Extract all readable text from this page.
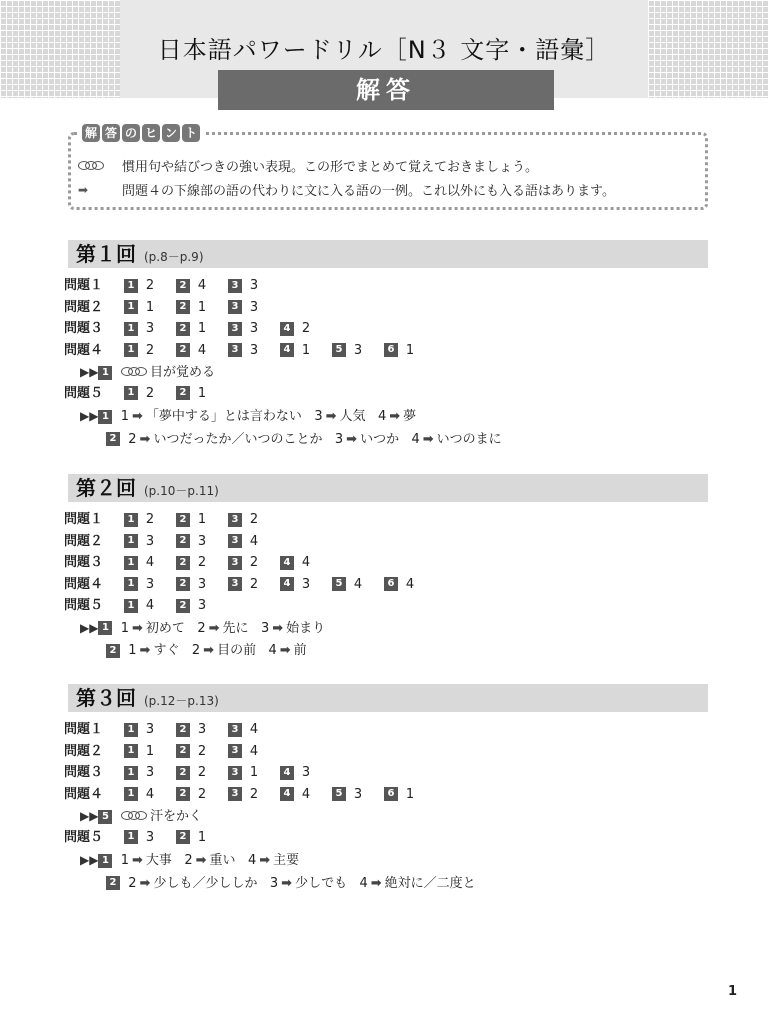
日本語パワードリル［N３ 文字・語彙］
解答
解 答 の ヒ ン ト
慣用句や結びつきの強い表現。この形でまとめて覚えておきましょう。
➡	問題４の下線部の語の代わりに文に入る語の一例。これ以外にも入る語はあります。
第１回 (p.8－p.9)
問題１ 1 2	2 4	3 3
問題２ 1 1	2 1	3 3
問題３ 1 3	2 1	3 3	4 2
問題４ 1 2	2 4	3 3	4 1	5 3	6 1
▶▶1	目が覚める
問題５ 1 2	2 1
▶▶1 1 ➡ 「夢中する」とは言わない 3 ➡ 人気 4 ➡ 夢
2 2 ➡ いつだったか／いつのことか 3 ➡ いつか 4 ➡ いつのまに
第２回 (p.10－p.11)
問題１ 1 2	2 1	3 2
問題２ 1 3	2 3	3 4
問題３ 1 4	2 2	3 2	4 4
問題４ 1 3	2 3	3 2	4 3	5 4	6 4
問題５ 1 4	2 3
▶▶1 1 ➡ 初めて 2 ➡ 先に 3 ➡ 始まり
2 1 ➡ すぐ 2 ➡ 目の前 4 ➡ 前
第３回 (p.12－p.13)
問題１ 1 3	2 3	3 4
問題２ 1 1	2 2	3 4
問題３ 1 3	2 2	3 1	4 3
問題４ 1 4	2 2	3 2	4 4	5 3	6 1
▶▶5	汗をかく
問題５ 1 3	2 1
▶▶1 1 ➡ 大事 2 ➡ 重い 4 ➡ 主要
2 2 ➡ 少しも／少ししか 3 ➡ 少しでも 4 ➡ 絶対に／二度と
1
